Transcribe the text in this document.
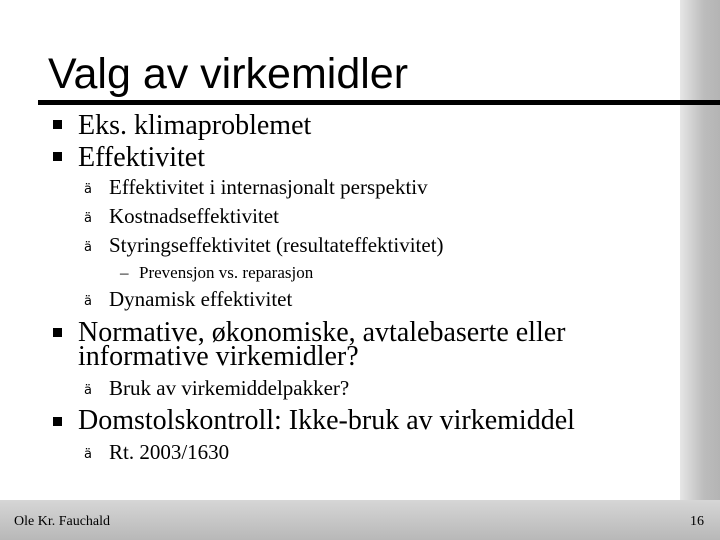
Valg av virkemidler
Eks. klimaproblemet
Effektivitet
ä Effektivitet i internasjonalt perspektiv
ä Kostnadseffektivitet
ä Styringseffektivitet (resultateffektivitet)
– Prevensjon vs. reparasjon
ä Dynamisk effektivitet
Normative, økonomiske, avtalebaserte eller
informative virkemidler?
ä Bruk av virkemiddelpakker?
Domstolskontroll: Ikke-bruk av virkemiddel
ä Rt. 2003/1630
Ole Kr. Fauchald	16
